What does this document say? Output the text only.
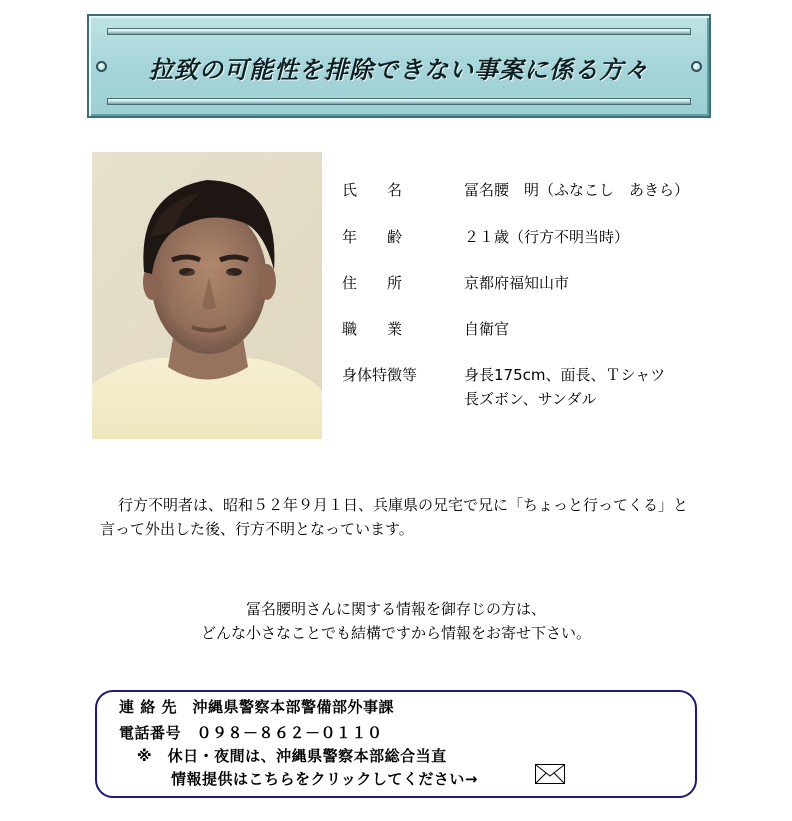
拉致の可能性を排除できない事案に係る方々
氏　　名	冨名腰　明（ふなこし　あきら）
年　　齢	２１歳（行方不明当時）
住　　所	京都府福知山市
職　　業	自衛官
身体特徴等	身長175cm、面長、Ｔシャツ
長ズボン、サンダル
行方不明者は、昭和５２年９月１日、兵庫県の兄宅で兄に「ちょっと行ってくる」と言って外出した後、行方不明となっています。
冨名腰明さんに関する情報を御存じの方は、
どんな小さなことでも結構ですから情報をお寄せ下さい。
連 絡 先　沖縄県警察本部警備部外事課
電話番号　０９８－８６２－０１１０
※　休日・夜間は、沖縄県警察本部総合当直
情報提供はこちらをクリックしてください→
